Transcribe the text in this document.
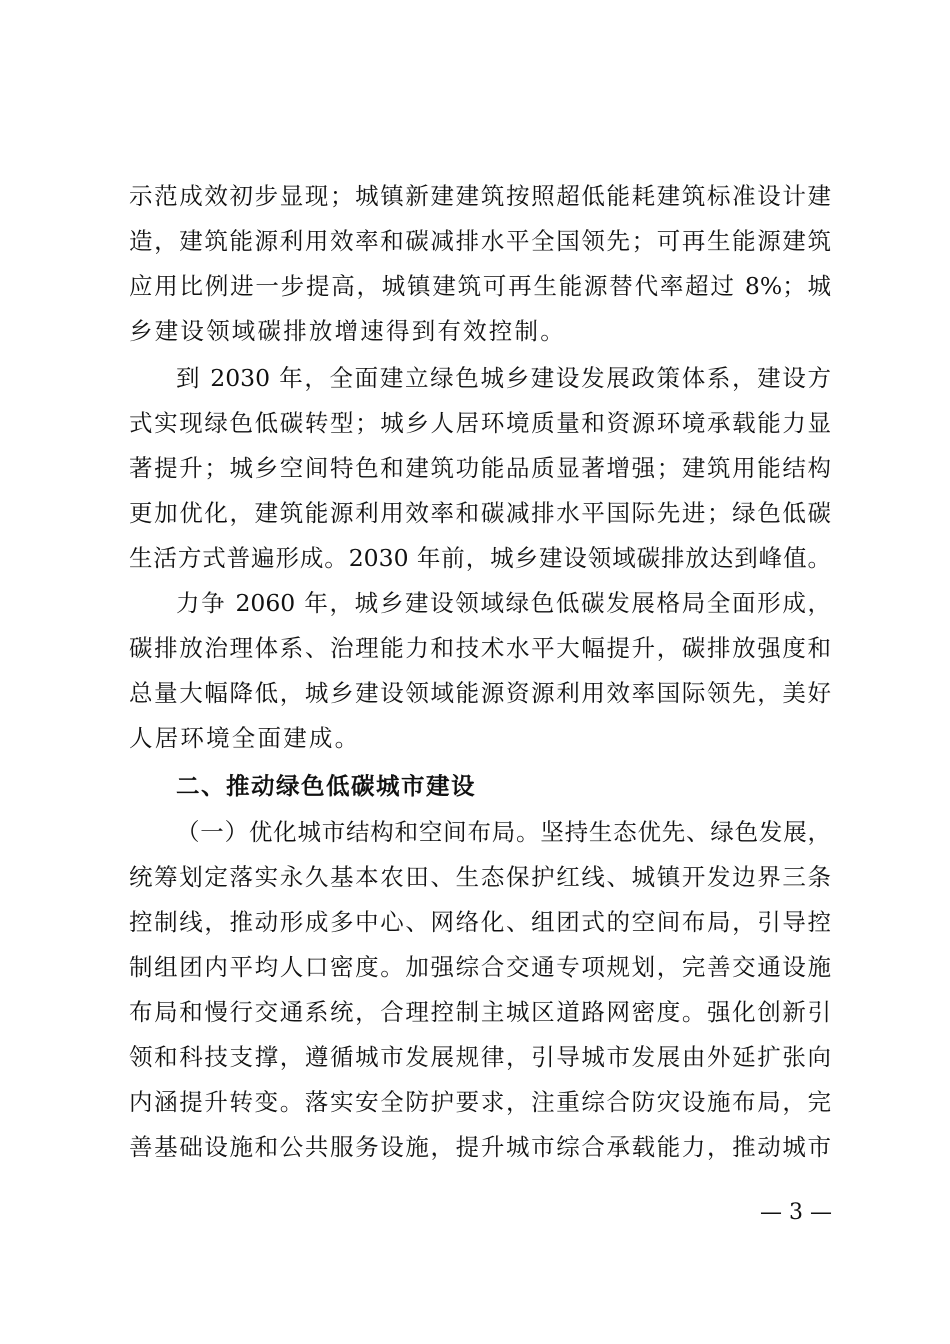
示范成效初步显现；城镇新建建筑按照超低能耗建筑标准设计建
造，建筑能源利用效率和碳减排水平全国领先；可再生能源建筑
应用比例进一步提高，城镇建筑可再生能源替代率超过 8%；城
乡建设领域碳排放增速得到有效控制。
到 2030 年，全面建立绿色城乡建设发展政策体系，建设方
式实现绿色低碳转型；城乡人居环境质量和资源环境承载能力显
著提升；城乡空间特色和建筑功能品质显著增强；建筑用能结构
更加优化，建筑能源利用效率和碳减排水平国际先进；绿色低碳
生活方式普遍形成。2030 年前，城乡建设领域碳排放达到峰值。
力争 2060 年，城乡建设领域绿色低碳发展格局全面形成，
碳排放治理体系、治理能力和技术水平大幅提升，碳排放强度和
总量大幅降低，城乡建设领域能源资源利用效率国际领先，美好
人居环境全面建成。
二、推动绿色低碳城市建设
（一）优化城市结构和空间布局。坚持生态优先、绿色发展，
统筹划定落实永久基本农田、生态保护红线、城镇开发边界三条
控制线，推动形成多中心、网络化、组团式的空间布局，引导控
制组团内平均人口密度。加强综合交通专项规划，完善交通设施
布局和慢行交通系统，合理控制主城区道路网密度。强化创新引
领和科技支撑，遵循城市发展规律，引导城市发展由外延扩张向
内涵提升转变。落实安全防护要求，注重综合防灾设施布局，完
善基础设施和公共服务设施，提升城市综合承载能力，推动城市
— 3 —
